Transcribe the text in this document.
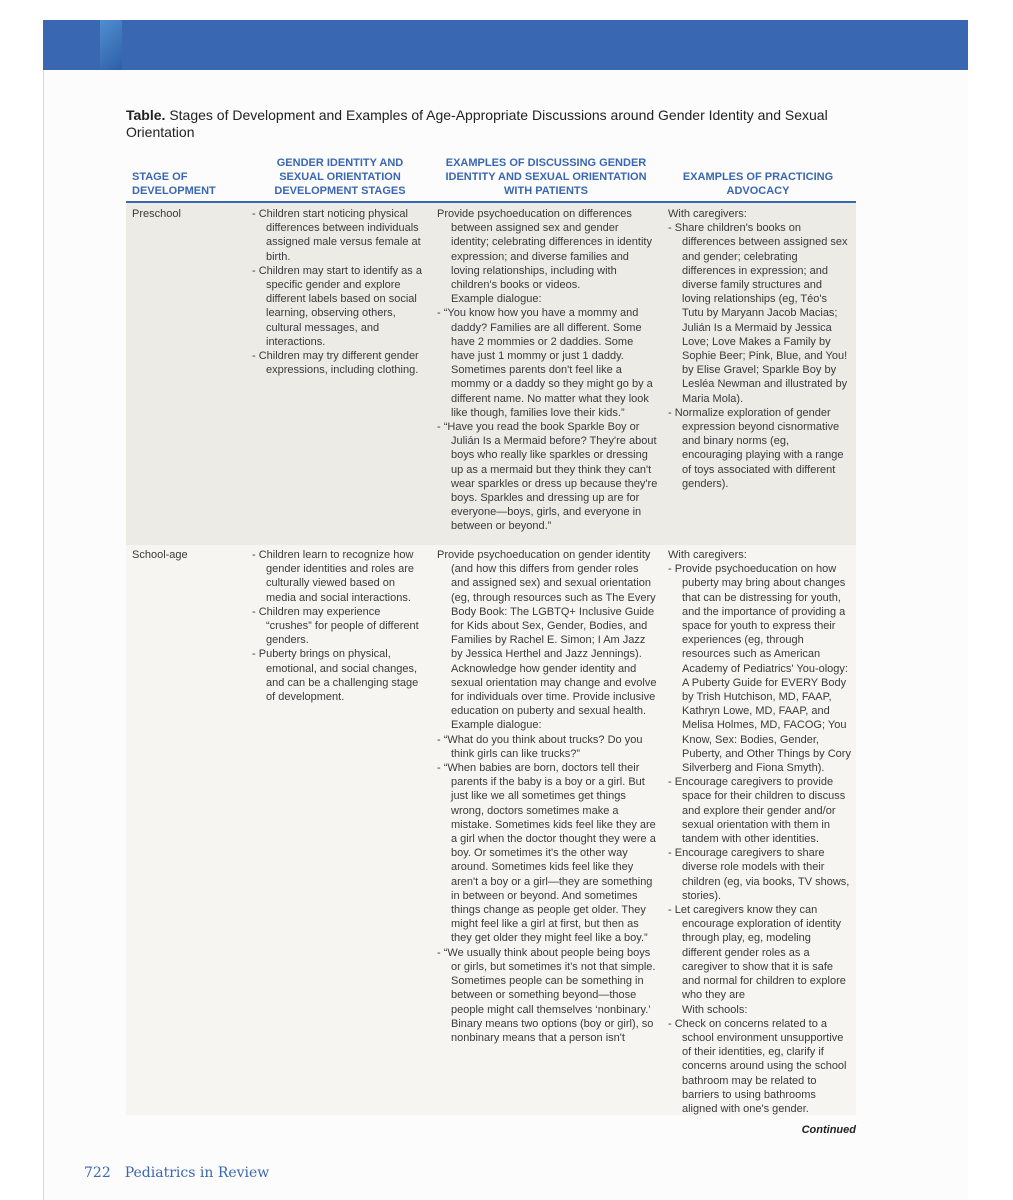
Table. Stages of Development and Examples of Age-Appropriate Discussions around Gender Identity and Sexual Orientation
STAGE OF DEVELOPMENT
GENDER IDENTITY AND SEXUAL ORIENTATION DEVELOPMENT STAGES
EXAMPLES OF DISCUSSING GENDER IDENTITY AND SEXUAL ORIENTATION WITH PATIENTS
EXAMPLES OF PRACTICING ADVOCACY
Preschool	- Children start noticing physical differences between individuals assigned male versus female at birth.

- Children may start to identify as a specific gender and explore different labels based on social learning, observing others, cultural messages, and interactions.

- Children may try different gender expressions, including clothing.

Provide psychoeducation on differences between assigned sex and gender identity; celebrating differences in identity expression; and diverse families and loving relationships, including with children's books or videos.

Example dialogue:

- “You know how you have a mommy and daddy? Families are all different. Some have 2 mommies or 2 daddies. Some have just 1 mommy or just 1 daddy. Sometimes parents don't feel like a mommy or a daddy so they might go by a different name. No matter what they look like though, families love their kids.”

- “Have you read the book Sparkle Boy or Julián Is a Mermaid before? They're about boys who really like sparkles or dressing up as a mermaid but they think they can't wear sparkles or dress up because they're boys. Sparkles and dressing up are for everyone—boys, girls, and everyone in between or beyond.”

With caregivers:

- Share children's books on differences between assigned sex and gender; celebrating differences in expression; and diverse family structures and loving relationships (eg, Téo's Tutu by Maryann Jacob Macias; Julián Is a Mermaid by Jessica Love; Love Makes a Family by Sophie Beer; Pink, Blue, and You! by Elise Gravel; Sparkle Boy by Lesléa Newman and illustrated by Maria Mola).

- Normalize exploration of gender expression beyond cisnormative and binary norms (eg, encouraging playing with a range of toys associated with different genders).

School-age	- Children learn to recognize how gender identities and roles are culturally viewed based on media and social interactions.

- Children may experience “crushes” for people of different genders.

- Puberty brings on physical, emotional, and social changes, and can be a challenging stage of development.

Provide psychoeducation on gender identity (and how this differs from gender roles and assigned sex) and sexual orientation (eg, through resources such as The Every Body Book: The LGBTQ+ Inclusive Guide for Kids about Sex, Gender, Bodies, and Families by Rachel E. Simon; I Am Jazz by Jessica Herthel and Jazz Jennings). Acknowledge how gender identity and sexual orientation may change and evolve for individuals over time. Provide inclusive education on puberty and sexual health.

Example dialogue:

- “What do you think about trucks? Do you think girls can like trucks?”

- “When babies are born, doctors tell their parents if the baby is a boy or a girl. But just like we all sometimes get things wrong, doctors sometimes make a mistake. Sometimes kids feel like they are a girl when the doctor thought they were a boy. Or sometimes it's the other way around. Sometimes kids feel like they aren't a boy or a girl—they are something in between or beyond. And sometimes things change as people get older. They might feel like a girl at first, but then as they get older they might feel like a boy.”

- “We usually think about people being boys or girls, but sometimes it's not that simple. Sometimes people can be something in between or something beyond—those people might call themselves ‘nonbinary.’ Binary means two options (boy or girl), so nonbinary means that a person isn't

With caregivers:

- Provide psychoeducation on how puberty may bring about changes that can be distressing for youth, and the importance of providing a space for youth to express their experiences (eg, through resources such as American Academy of Pediatrics' You-ology: A Puberty Guide for EVERY Body by Trish Hutchison, MD, FAAP, Kathryn Lowe, MD, FAAP, and Melisa Holmes, MD, FACOG; You Know, Sex: Bodies, Gender, Puberty, and Other Things by Cory Silverberg and Fiona Smyth).

- Encourage caregivers to provide space for their children to discuss and explore their gender and/or sexual orientation with them in tandem with other identities.

- Encourage caregivers to share diverse role models with their children (eg, via books, TV shows, stories).

- Let caregivers know they can encourage exploration of identity through play, eg, modeling different gender roles as a caregiver to show that it is safe and normal for children to explore who they are

With schools:

- Check on concerns related to a school environment unsupportive of their identities, eg, clarify if concerns around using the school bathroom may be related to barriers to using bathrooms aligned with one's gender.

Continued
722 Pediatrics in Review
